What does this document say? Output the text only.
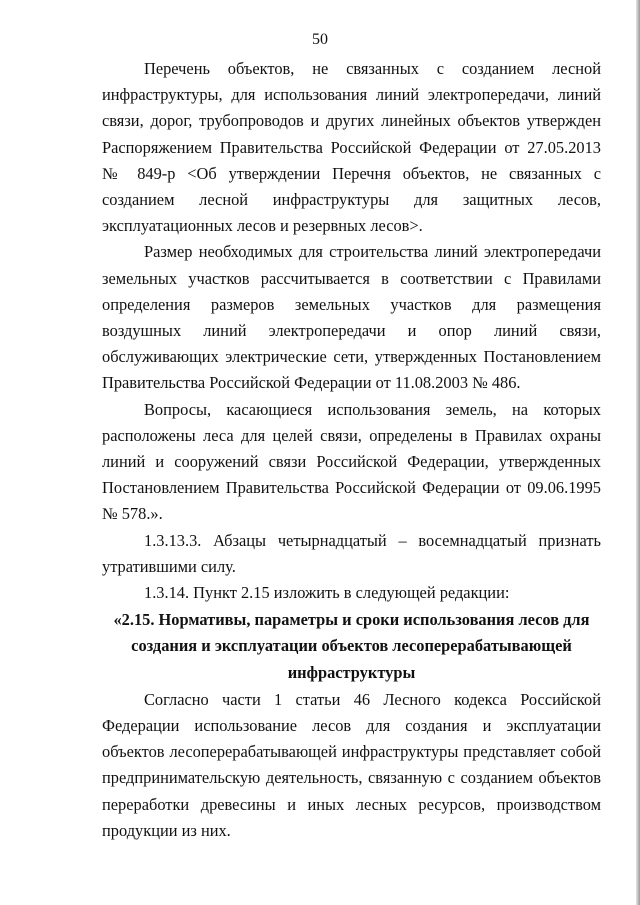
50

Перечень объектов, не связанных с созданием лесной инфраструктуры, для использования линий электропередачи, линий связи, дорог, трубопроводов и других линейных объектов утвержден Распоряжением Правительства Российской Федерации от 27.05.2013 № 849-р <Об утверждении Перечня объектов, не связанных с созданием лесной инфраструктуры для защитных лесов, эксплуатационных лесов и резервных лесов>.

Размер необходимых для строительства линий электропередачи земельных участков рассчитывается в соответствии с Правилами определения размеров земельных участков для размещения воздушных линий электропередачи и опор линий связи, обслуживающих электрические сети, утвержденных Постановлением Правительства Российской Федерации от 11.08.2003 № 486.

Вопросы, касающиеся использования земель, на которых расположены леса для целей связи, определены в Правилах охраны линий и сооружений связи Российской Федерации, утвержденных Постановлением Правительства Российской Федерации от 09.06.1995 № 578.».

1.3.13.3. Абзацы четырнадцатый – восемнадцатый признать утратившими силу.

1.3.14. Пункт 2.15 изложить в следующей редакции:

«2.15. Нормативы, параметры и сроки использования лесов для

создания и эксплуатации объектов лесоперерабатывающей

инфраструктуры

Согласно части 1 статьи 46 Лесного кодекса Российской Федерации использование лесов для создания и эксплуатации объектов лесоперерабатывающей инфраструктуры представляет собой предпринимательскую деятельность, связанную с созданием объектов переработки древесины и иных лесных ресурсов, производством продукции из них.
